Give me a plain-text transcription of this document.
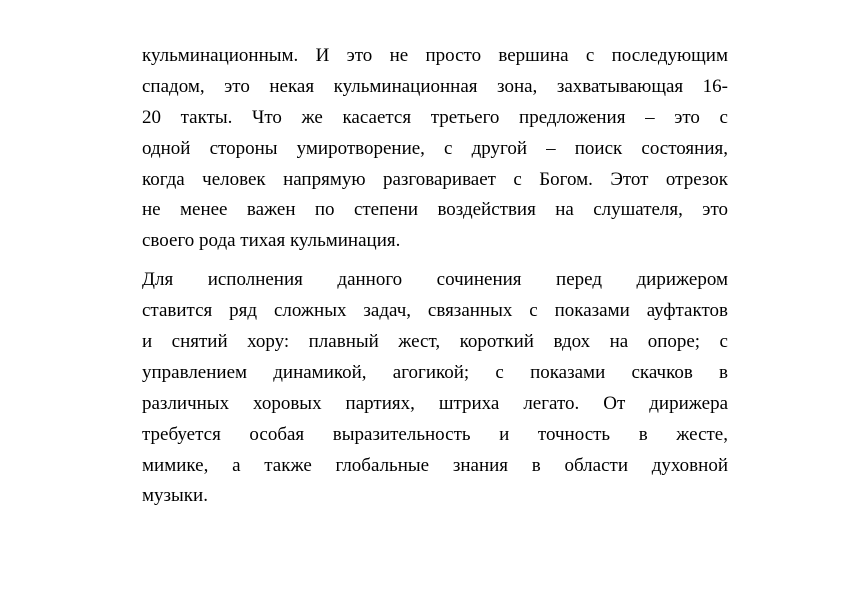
кульминационным. И это не просто вершина с последующим
спадом, это некая кульминационная зона, захватывающая 16-
20 такты. Что же касается третьего предложения – это с
одной стороны умиротворение, с другой – поиск состояния,
когда человек напрямую разговаривает с Богом. Этот отрезок
не менее важен по степени воздействия на слушателя, это
своего рода тихая кульминация.
Для исполнения данного сочинения перед дирижером
ставится ряд сложных задач, связанных с показами ауфтактов
и снятий хору: плавный жест, короткий вдох на опоре; с
управлением динамикой, агогикой; с показами скачков в
различных хоровых партиях, штриха легато. От дирижера
требуется особая выразительность и точность в жесте,
мимике, а также глобальные знания в области духовной
музыки.
